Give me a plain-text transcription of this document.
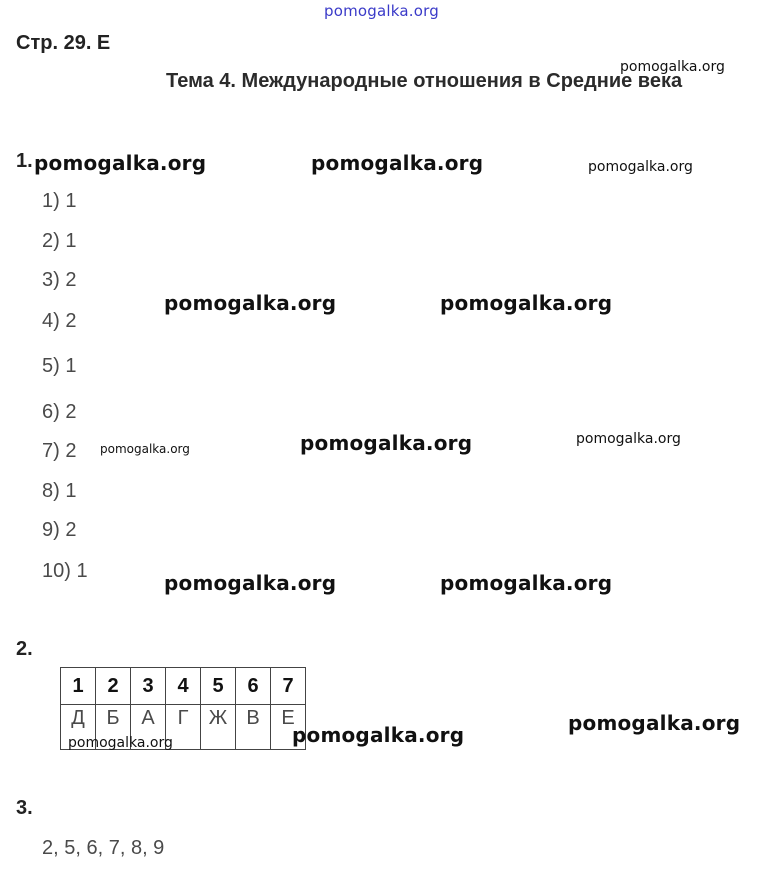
pomogalka.org
Стр. 29. Е
Тема 4. Международные отношения в Средние века
1.
1) 1
2) 1
3) 2
4) 2
5) 1
6) 2
7) 2
8) 1
9) 2
10) 1
2.
1	2	3	4	5	6	7
Д	Б	А	Г	Ж	В	Е
3.
2, 5, 6, 7, 8, 9
pomogalka.org
pomogalka.org	pomogalka.org	pomogalka.org
pomogalka.org	pomogalka.org
pomogalka.org	pomogalka.org	pomogalka.org
pomogalka.org	pomogalka.org
pomogalka.org
pomogalka.org
pomogalka.org
